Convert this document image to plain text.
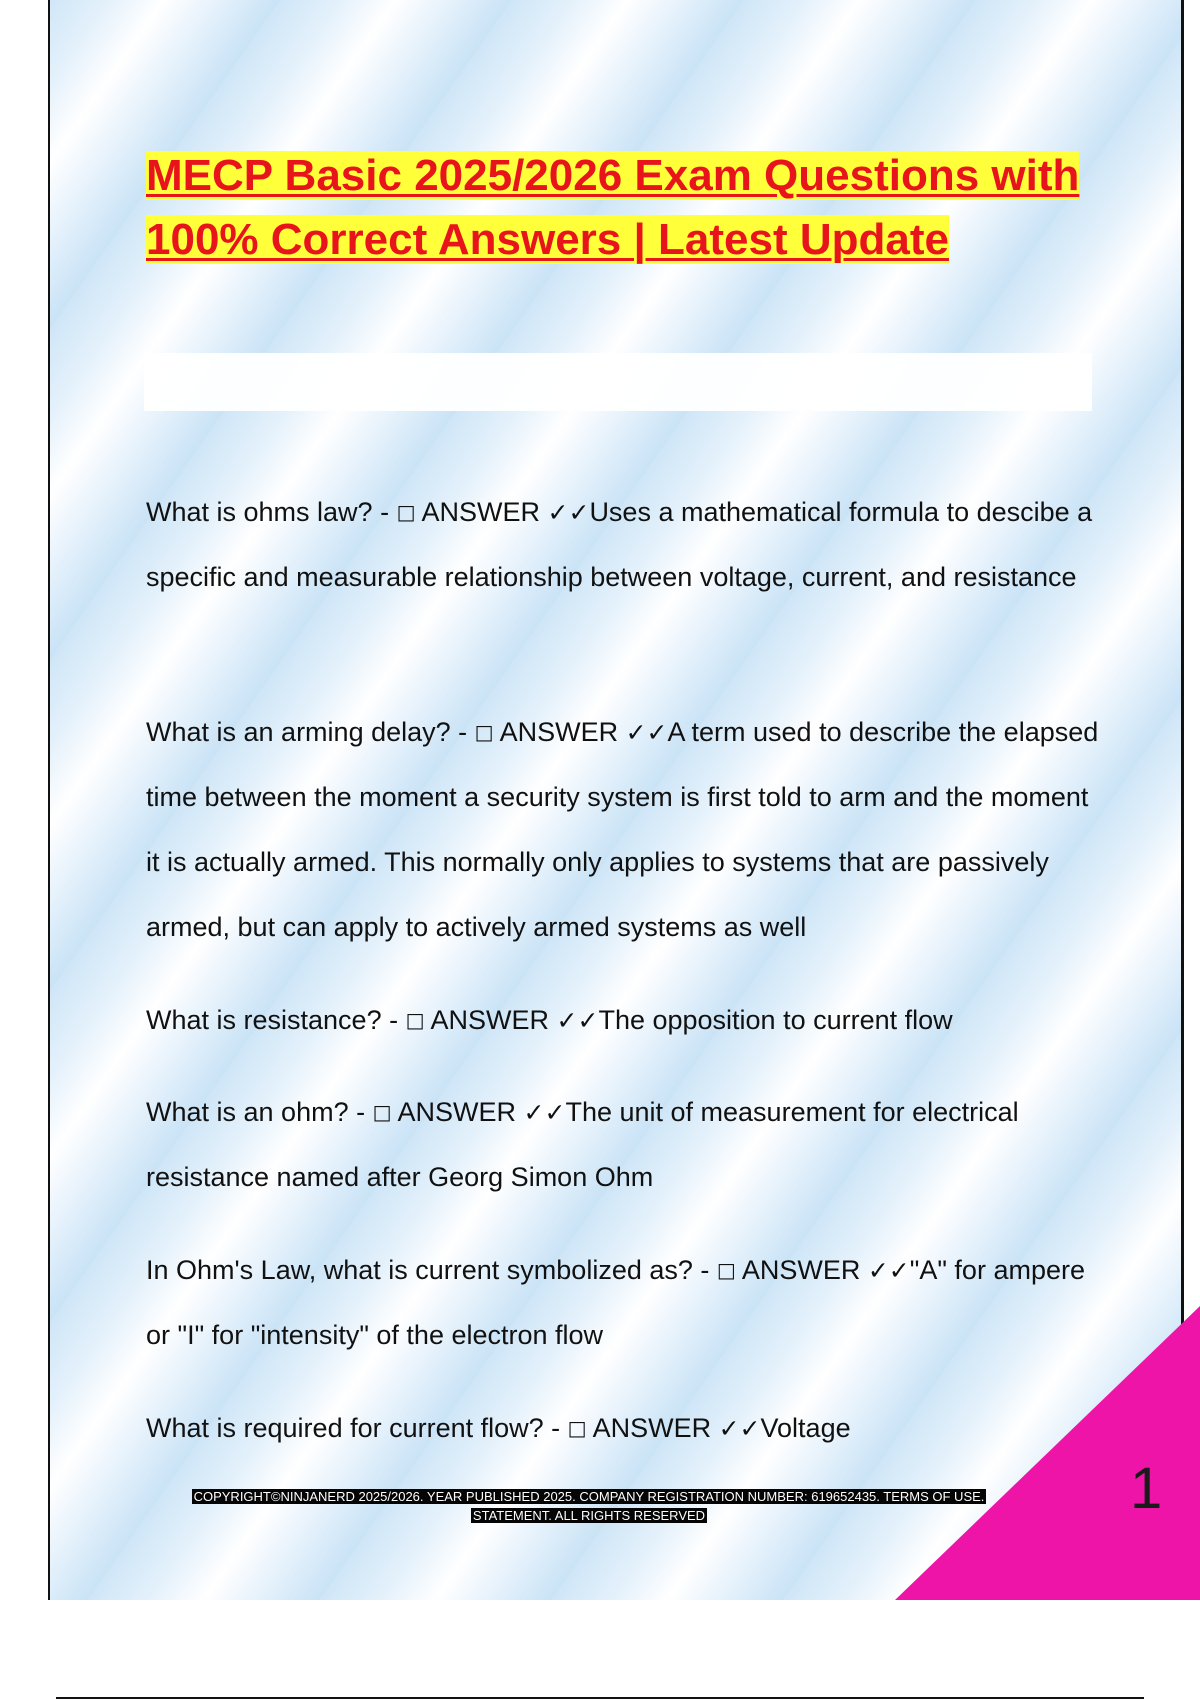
MECP Basic 2025/2026 Exam Questions with 100% Correct Answers | Latest Update

What is ohms law? - □ ANSWER ✓✓Uses a mathematical formula to descibe a specific and measurable relationship between voltage, current, and resistance

What is an arming delay? - □ ANSWER ✓✓A term used to describe the elapsed time between the moment a security system is first told to arm and the moment it is actually armed. This normally only applies to systems that are passively armed, but can apply to actively armed systems as well

What is resistance? - □ ANSWER ✓✓The opposition to current flow

What is an ohm? - □ ANSWER ✓✓The unit of measurement for electrical resistance named after Georg Simon Ohm

In Ohm's Law, what is current symbolized as? - □ ANSWER ✓✓"A" for ampere or "I" for "intensity" of the electron flow

What is required for current flow? - □ ANSWER ✓✓Voltage

COPYRIGHT©NINJANERD 2025/2026. YEAR PUBLISHED 2025. COMPANY REGISTRATION NUMBER: 619652435. TERMS OF USE.
STATEMENT. ALL RIGHTS RESERVED	1
